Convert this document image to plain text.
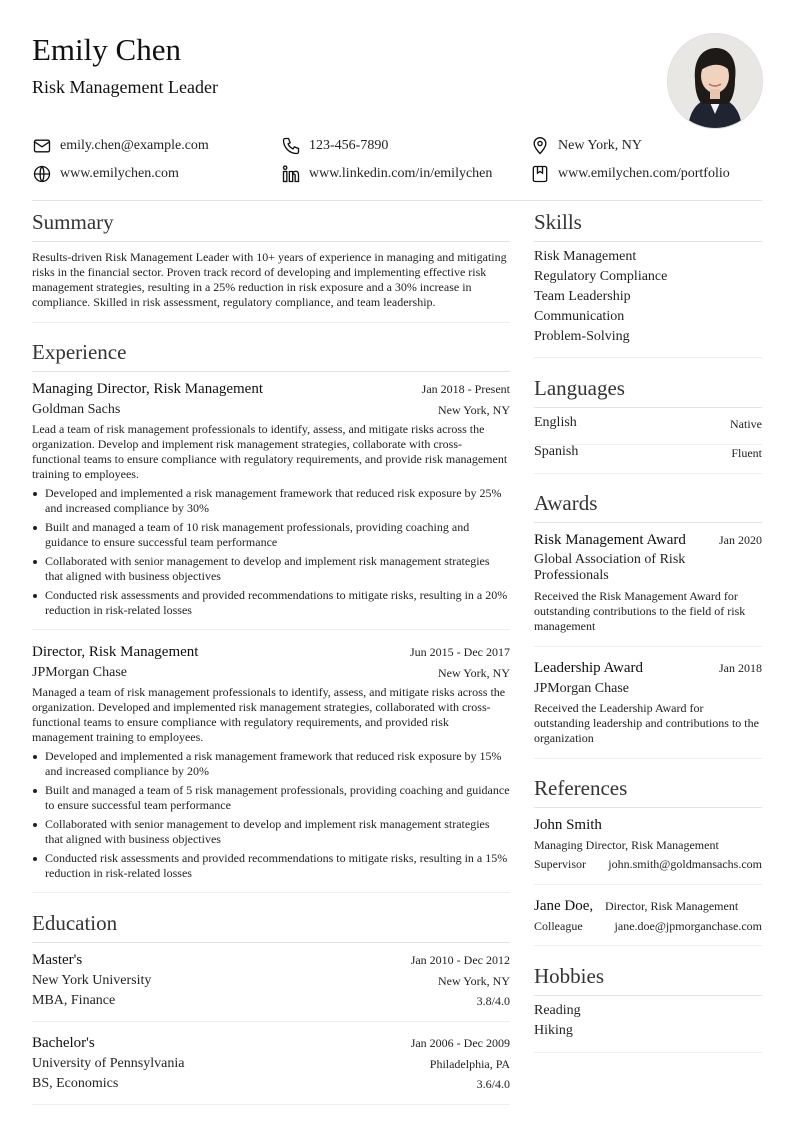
Emily Chen
Risk Management Leader
emily.chen@example.com	123-456-7890	New York, NY
www.emilychen.com	www.linkedin.com/in/emilychen	www.emilychen.com/portfolio
Summary
Results-driven Risk Management Leader with 10+ years of experience in managing and mitigating risks in the financial sector. Proven track record of developing and implementing effective risk management strategies, resulting in a 25% reduction in risk exposure and a 30% increase in compliance. Skilled in risk assessment, regulatory compliance, and team leadership.
Experience
Managing Director, Risk Management	Jan 2018 - Present
Goldman Sachs	New York, NY
Lead a team of risk management professionals to identify, assess, and mitigate risks across the organization. Develop and implement risk management strategies, collaborate with cross-functional teams to ensure compliance with regulatory requirements, and provide risk management training to employees.
Developed and implemented a risk management framework that reduced risk exposure by 25% and increased compliance by 30%
Built and managed a team of 10 risk management professionals, providing coaching and guidance to ensure successful team performance
Collaborated with senior management to develop and implement risk management strategies that aligned with business objectives
Conducted risk assessments and provided recommendations to mitigate risks, resulting in a 20% reduction in risk-related losses
Director, Risk Management	Jun 2015 - Dec 2017
JPMorgan Chase	New York, NY
Managed a team of risk management professionals to identify, assess, and mitigate risks across the organization. Developed and implemented risk management strategies, collaborated with cross-functional teams to ensure compliance with regulatory requirements, and provided risk management training to employees.
Developed and implemented a risk management framework that reduced risk exposure by 15% and increased compliance by 20%
Built and managed a team of 5 risk management professionals, providing coaching and guidance to ensure successful team performance
Collaborated with senior management to develop and implement risk management strategies that aligned with business objectives
Conducted risk assessments and provided recommendations to mitigate risks, resulting in a 15% reduction in risk-related losses
Education
Master's	Jan 2010 - Dec 2012
New York University	New York, NY
MBA, Finance	3.8/4.0
Bachelor's	Jan 2006 - Dec 2009
University of Pennsylvania	Philadelphia, PA
BS, Economics	3.6/4.0
Skills
Risk Management
Regulatory Compliance
Team Leadership
Communication
Problem-Solving
Languages
English	Native
Spanish	Fluent
Awards
Risk Management Award	Jan 2020
Global Association of Risk Professionals
Received the Risk Management Award for outstanding contributions to the field of risk management
Leadership Award	Jan 2018
JPMorgan Chase
Received the Leadership Award for outstanding leadership and contributions to the organization
References
John Smith
Managing Director, Risk Management
Supervisor john.smith@goldmansachs.com
Jane Doe, Director, Risk Management
Colleague	jane.doe@jpmorganchase.com
Hobbies
Reading
Hiking
